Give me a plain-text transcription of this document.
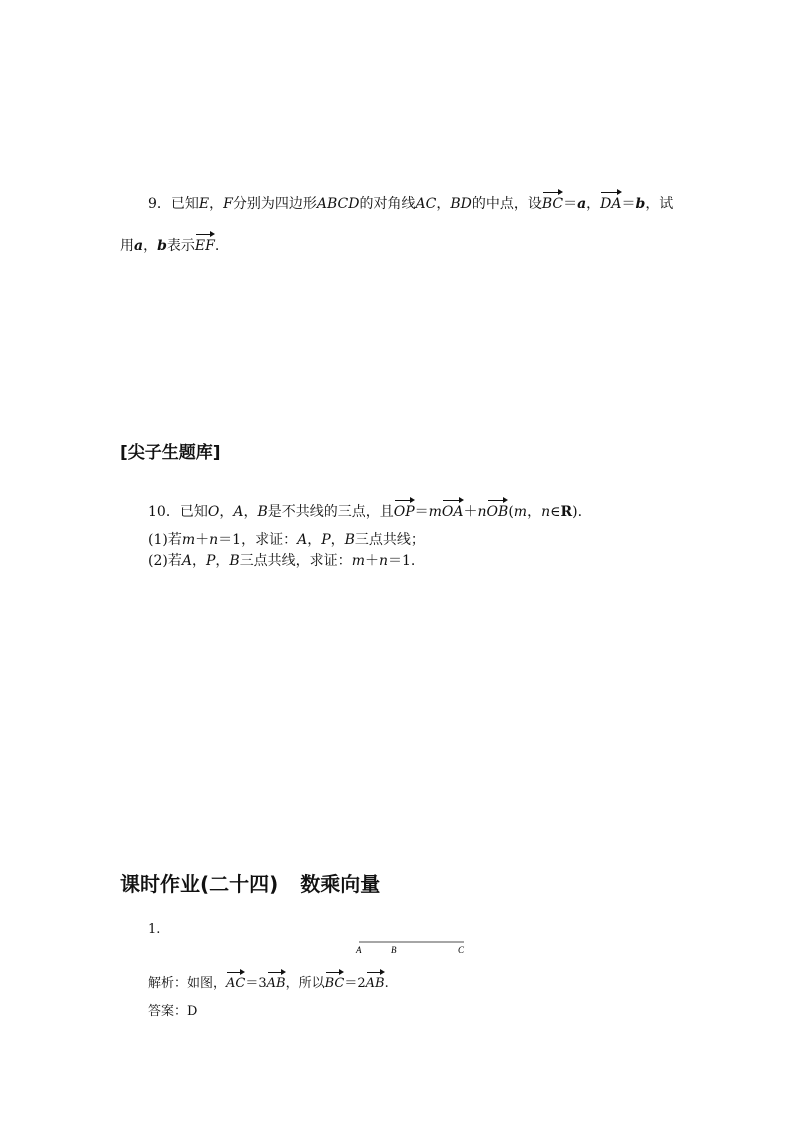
9．已知E，F分别为四边形ABCD的对角线AC，BD的中点，设BC＝a，DA＝b，试
用a，b表示EF.
[尖子生题库]
10．已知O，A，B是不共线的三点，且OP＝mOA＋nOB(m，n∈R).
(1)若m＋n＝1，求证：A，P，B三点共线；
(2)若A，P，B三点共线，求证：m＋n＝1.
课时作业(二十四) 数乘向量
1.
A	B	C
解析：如图，AC＝3AB，所以BC＝2AB.
答案：D
